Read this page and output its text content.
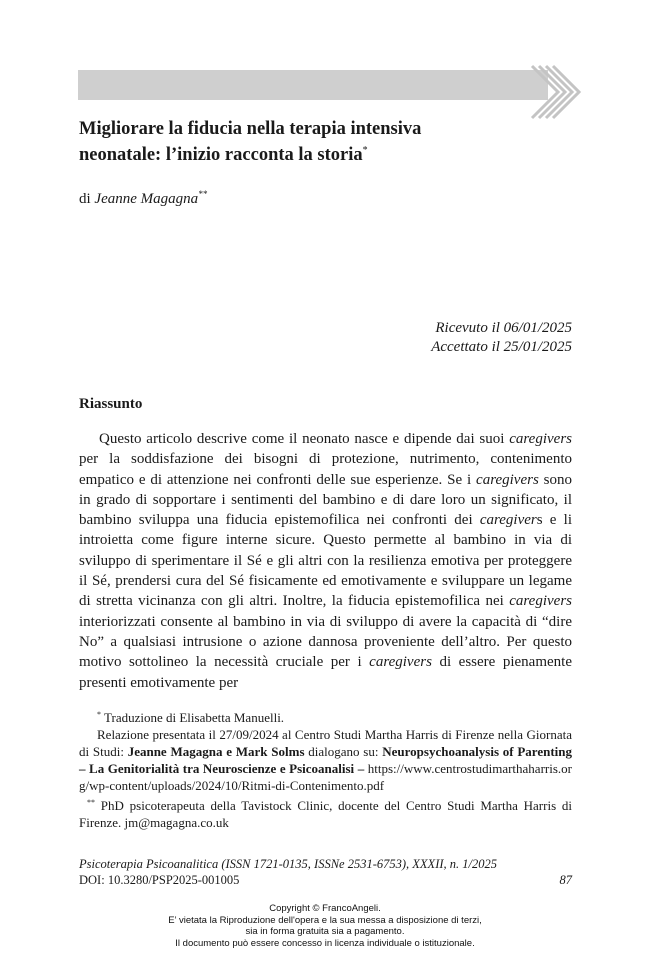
Migliorare la fiducia nella terapia intensiva
neonatale: l’inizio racconta la storia*
di Jeanne Magagna**
Ricevuto il 06/01/2025
Accettato il 25/01/2025
Riassunto

Questo articolo descrive come il neonato nasce e dipende dai suoi caregivers per la soddisfazione dei bisogni di protezione, nutrimento, contenimento empatico e di attenzione nei confronti delle sue esperienze. Se i caregivers sono in grado di sopportare i sentimenti del bambino e di dare loro un significato, il bambino sviluppa una fiducia epistemofilica nei confronti dei caregivers e li introietta come figure interne sicure. Questo permette al bambino in via di sviluppo di sperimentare il Sé e gli altri con la resilienza emotiva per proteggere il Sé, prendersi cura del Sé fisicamente ed emotivamente e sviluppare un legame di stretta vicinanza con gli altri. Inoltre, la fiducia epistemofilica nei caregivers interiorizzati consente al bambino in via di sviluppo di avere la capacità di “dire No” a qualsiasi intrusione o azione dannosa proveniente dell’altro. Per questo motivo sottolineo la necessità cruciale per i caregivers di essere pienamente presenti emotivamente per

* Traduzione di Elisabetta Manuelli.

Relazione presentata il 27/09/2024 al Centro Studi Martha Harris di Firenze nella Giornata di Studi: Jeanne Magagna e Mark Solms dialogano su: Neuropsychoanalysis of Parenting – La Genitorialità tra Neuroscienze e Psicoanalisi – https://www.centrostudimarthaharris.org/wp-content/uploads/2024/10/Ritmi-di-Contenimento.pdf

** PhD psicoterapeuta della Tavistock Clinic, docente del Centro Studi Martha Harris di Firenze. jm@magagna.co.uk

Psicoterapia Psicoanalitica (ISSN 1721-0135, ISSNe 2531-6753), XXXII, n. 1/2025
DOI: 10.3280/PSP2025-001005	87
Copyright © FrancoAngeli.
E’ vietata la Riproduzione dell'opera e la sua messa a disposizione di terzi,
sia in forma gratuita sia a pagamento.
Il documento può essere concesso in licenza individuale o istituzionale.
